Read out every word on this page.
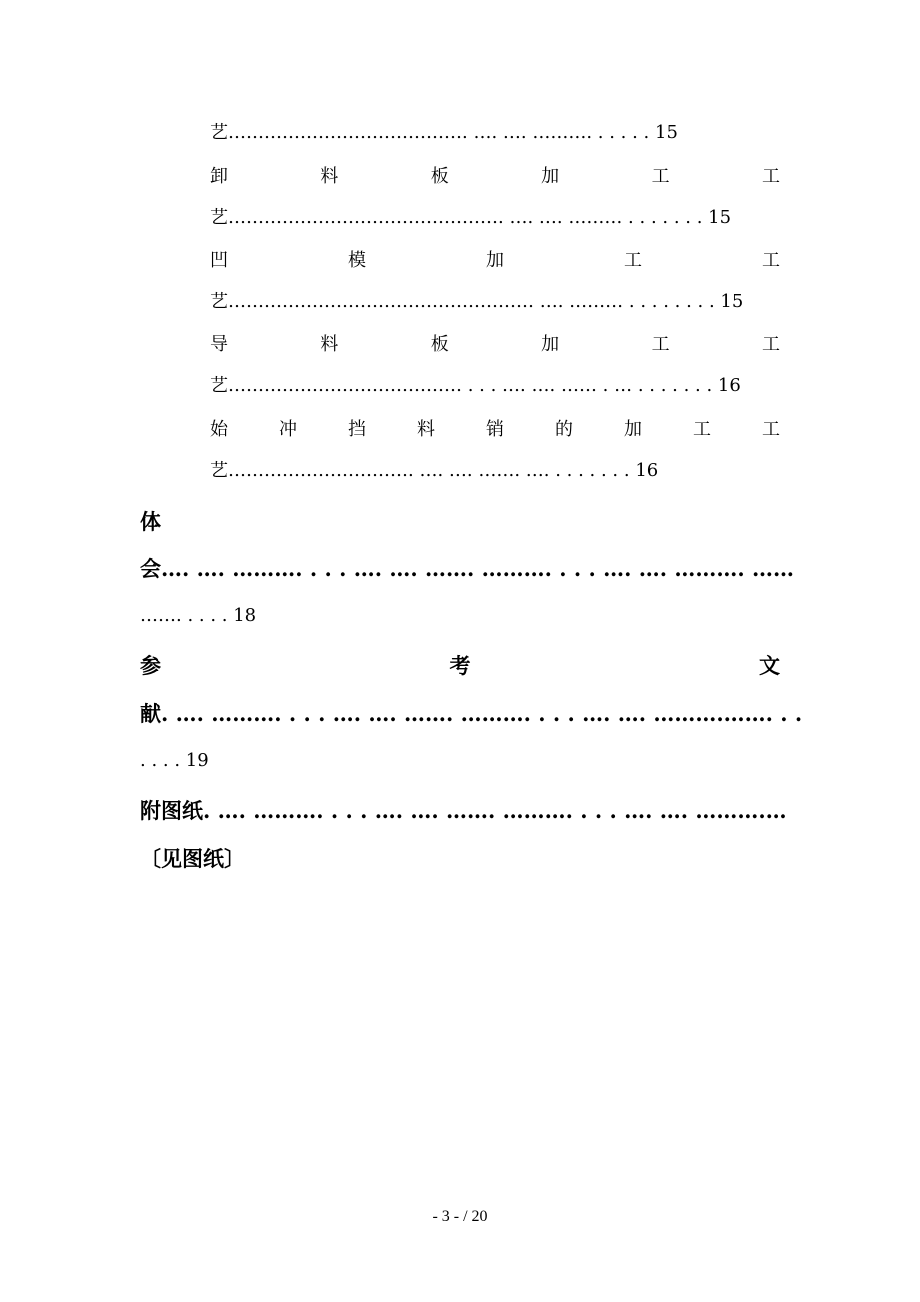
艺…………………………………. …. …. ………. . . . . . 15
卸	料	板	加	工	工
艺………………………………………. …. …. ……… . . . . . . . 15
凹	模	加	工	工
艺…………………………………………… …. ……… . . . . . . . . 15
导	料	板	加	工	工
艺………………………………… . . . …. …. …… . … . . . . . . . 16
始	冲	挡	料	销	的	加	工	工
艺…………………………. …. …. ……. …. . . . . . . . 16
体
会…. …. ………. . . . …. …. ……. ………. . . . …. …. ………. ……
……. . . . . 18
参	考	文
献. …. ………. . . . …. …. ……. ………. . . . …. …. ……….……. . .
. . . . 19
附图纸. …. ………. . . . …. …. ……. ………. . . . …. …. ……….…
〔见图纸〕
- 3 - / 20
